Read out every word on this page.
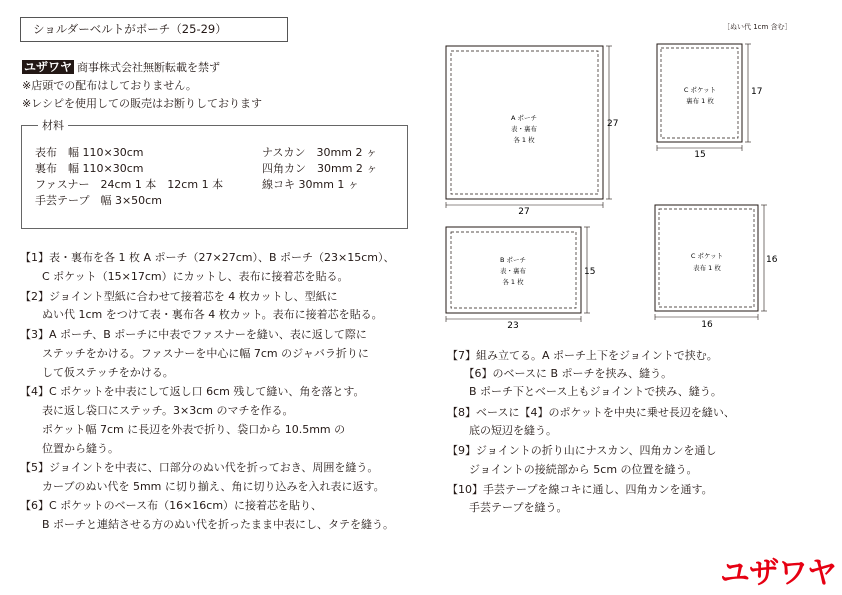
ショルダーベルトがポーチ（25-29）
ユザワヤ 商事株式会社無断転載を禁ず
※店頭での配布はしておりません。
※レシピを使用しての販売はお断りしております
材料
表布　幅 110×30cm
裏布　幅 110×30cm
ファスナー　24cm 1 本　12cm 1 本
手芸テープ　幅 3×50cm
ナスカン　30mm 2 ヶ
四角カン　30mm 2 ヶ
線コキ 30mm 1 ヶ
【1】表・裏布を各 1 枚 A ポーチ（27×27cm）、B ポーチ（23×15cm）、
　　C ポケット（15×17cm）にカットし、表布に接着芯を貼る。
【2】ジョイント型紙に合わせて接着芯を 4 枚カットし、型紙に
　　ぬい代 1cm をつけて表・裏布各 4 枚カット。表布に接着芯を貼る。
【3】A ポーチ、B ポーチに中表でファスナーを縫い、表に返して際に
　　ステッチをかける。ファスナーを中心に幅 7cm のジャバラ折りに
　　して仮ステッチをかける。
【4】C ポケットを中表にして返し口 6cm 残して縫い、角を落とす。
　　表に返し袋口にステッチ。3×3cm のマチを作る。
　　ポケット幅 7cm に長辺を外表で折り、袋口から 10.5mm の
　　位置から縫う。
【5】ジョイントを中表に、口部分のぬい代を折っておき、周囲を縫う。
　　カーブのぬい代を 5mm に切り揃え、角に切り込みを入れ表に返す。
【6】C ポケットのベース布（16×16cm）に接着芯を貼り、
　　B ポーチと連結させる方のぬい代を折ったまま中表にし、タテを縫う。
【7】組み立てる。A ポーチ上下をジョイントで挟む。
　　【6】のベースに B ポーチを挟み、縫う。
　　B ポーチ下とベース上もジョイントで挟み、縫う。
【8】ベースに【4】のポケットを中央に乗せ長辺を縫い、
　　底の短辺を縫う。
【9】ジョイントの折り山にナスカン、四角カンを通し
　　ジョイントの接続部から 5cm の位置を縫う。
【10】手芸テープを線コキに通し、四角カンを通す。
　　手芸テープを縫う。
［ぬい代 1cm 含む］
A ポーチ
表・裏布
各 1 枚
27
27
C ポケット
裏布 1 枚
15
17
B ポーチ
表・裏布
各 1 枚
23
15
C ポケット
表布 1 枚
16
16
ユザワヤ
